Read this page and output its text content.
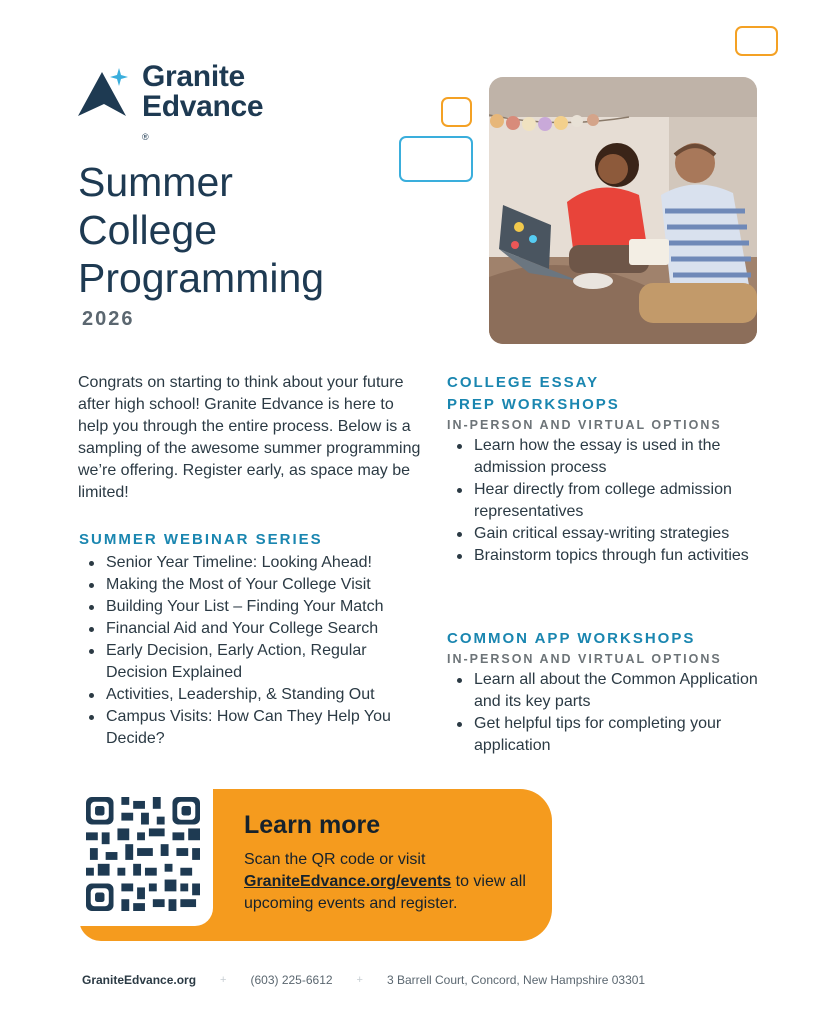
Granite
Edvance
®
Summer
College
Programming
2026

Congrats on starting to think about your future after high school! Granite Edvance is here to help you through the entire process. Below is a sampling of the awesome summer programming we’re offering. Register early, as space may be limited!

SUMMER WEBINAR SERIES
Senior Year Timeline: Looking Ahead!
Making the Most of Your College Visit
Building Your List – Finding Your Match
Financial Aid and Your College Search
Early Decision, Early Action, Regular Decision Explained
Activities, Leadership, & Standing Out
Campus Visits: How Can They Help You Decide?
COLLEGE ESSAY
PREP WORKSHOPS
IN-PERSON AND VIRTUAL OPTIONS
Learn how the essay is used in the admission process
Hear directly from college admission representatives
Gain critical essay-writing strategies
Brainstorm topics through fun activities
COMMON APP WORKSHOPS
IN-PERSON AND VIRTUAL OPTIONS
Learn all about the Common Application and its key parts
Get helpful tips for completing your application
Learn more

Scan the QR code or visit GraniteEdvance.org/events to view all upcoming events and register.

GraniteEdvance.org + (603) 225-6612 + 3 Barrell Court, Concord, New Hampshire 03301
